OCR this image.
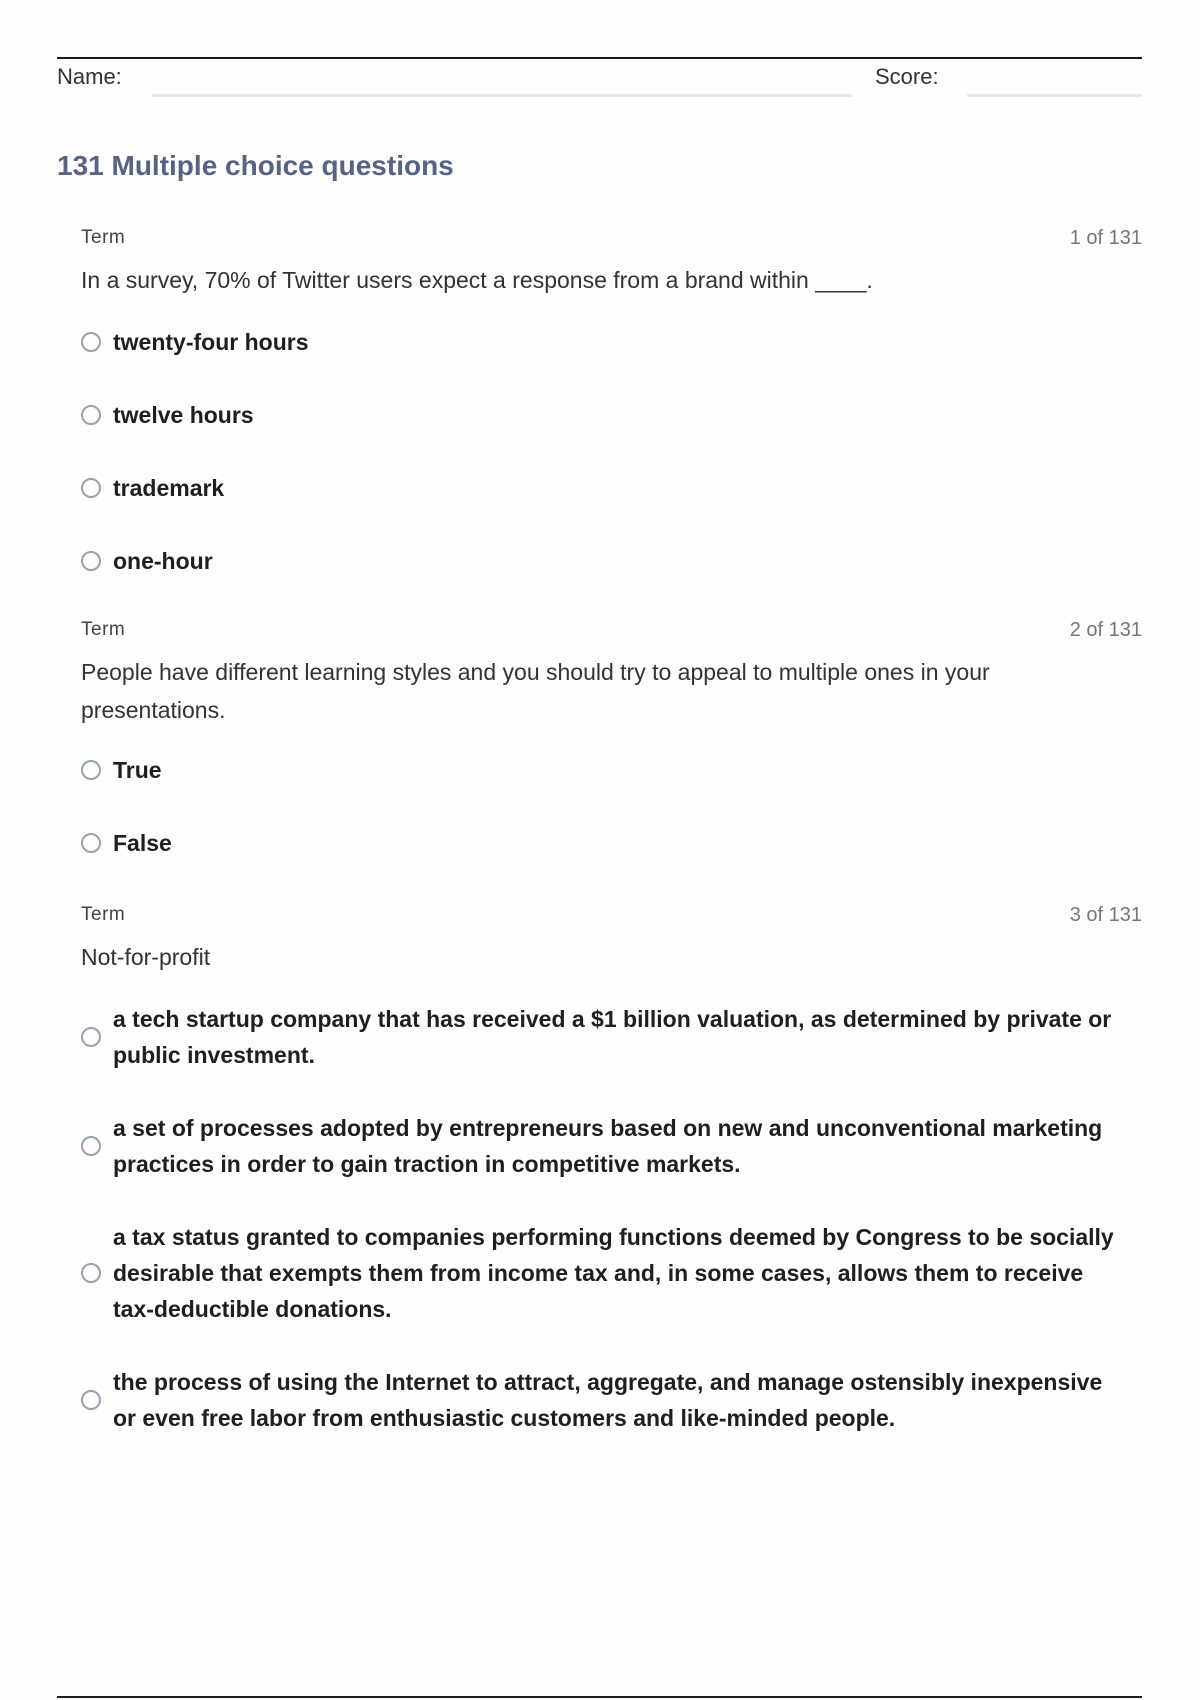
Name:	Score:
131 Multiple choice questions
Term	1 of 131
In a survey, 70% of Twitter users expect a response from a brand within ____.
twenty-four hours
twelve hours
trademark
one-hour
Term	2 of 131
People have different learning styles and you should try to appeal to multiple ones in your presentations.
True
False
Term	3 of 131
Not-for-profit
a tech startup company that has received a $1 billion valuation, as determined by private or public investment.
a set of processes adopted by entrepreneurs based on new and unconventional marketing practices in order to gain traction in competitive markets.
a tax status granted to companies performing functions deemed by Congress to be socially desirable that exempts them from income tax and, in some cases, allows them to receive tax-deductible donations.
the process of using the Internet to attract, aggregate, and manage ostensibly inexpensive or even free labor from enthusiastic customers and like-minded people.
